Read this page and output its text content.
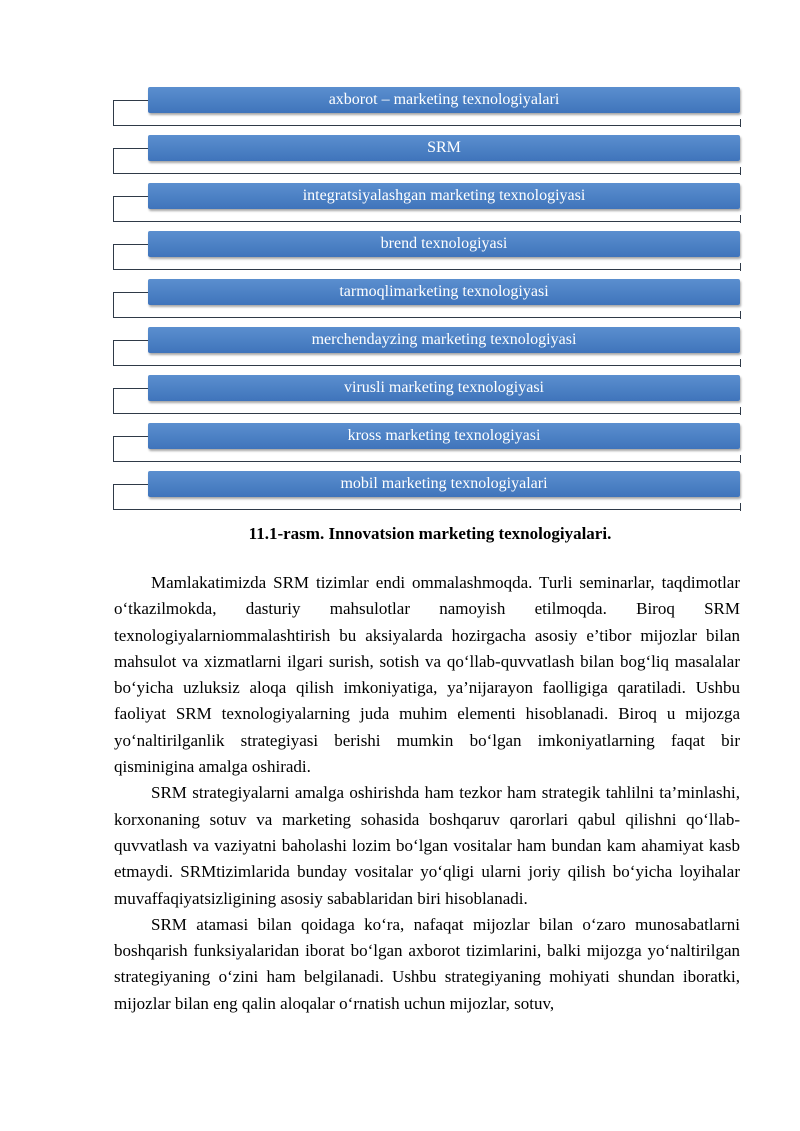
axborot – marketing texnologiyalari
SRM
integratsiyalashgan marketing texnologiyasi
brend texnologiyasi
tarmoqlimarketing texnologiyasi
merchendayzing marketing texnologiyasi
virusli marketing texnologiyasi
kross marketing texnologiyasi
mobil marketing texnologiyalari
11.1-rasm. Innovatsion marketing texnologiyalari.

Mamlakatimizda SRM tizimlar endi ommalashmoqda. Turli seminarlar, taqdimotlar o‘tkazilmokda, dasturiy mahsulotlar namoyish etilmoqda. Biroq SRM texnologiyalarniommalashtirish bu aksiyalarda hozirgacha asosiy e’tibor mijozlar bilan mahsulot va xizmatlarni ilgari surish, sotish va qo‘llab-quvvatlash bilan bog‘liq masalalar bo‘yicha uzluksiz aloqa qilish imkoniyatiga, ya’nijarayon faolligiga qaratiladi. Ushbu faoliyat SRM texnologiyalarning juda muhim elementi hisoblanadi. Biroq u mijozga yo‘naltirilganlik strategiyasi berishi mumkin bo‘lgan imkoniyatlarning faqat bir qisminigina amalga oshiradi.

SRM strategiyalarni amalga oshirishda ham tezkor ham strategik tahlilni ta’minlashi, korxonaning sotuv va marketing sohasida boshqaruv qarorlari qabul qilishni qo‘llab-quvvatlash va vaziyatni baholashi lozim bo‘lgan vositalar ham bundan kam ahamiyat kasb etmaydi. SRMtizimlarida bunday vositalar yo‘qligi ularni joriy qilish bo‘yicha loyihalar muvaffaqiyatsizligining asosiy sabablaridan biri hisoblanadi.

SRM atamasi bilan qoidaga ko‘ra, nafaqat mijozlar bilan o‘zaro munosabatlarni boshqarish funksiyalaridan iborat bo‘lgan axborot tizimlarini, balki mijozga yo‘naltirilgan strategiyaning o‘zini ham belgilanadi. Ushbu strategiyaning mohiyati shundan iboratki, mijozlar bilan eng qalin aloqalar o‘rnatish uchun mijozlar, sotuv,
